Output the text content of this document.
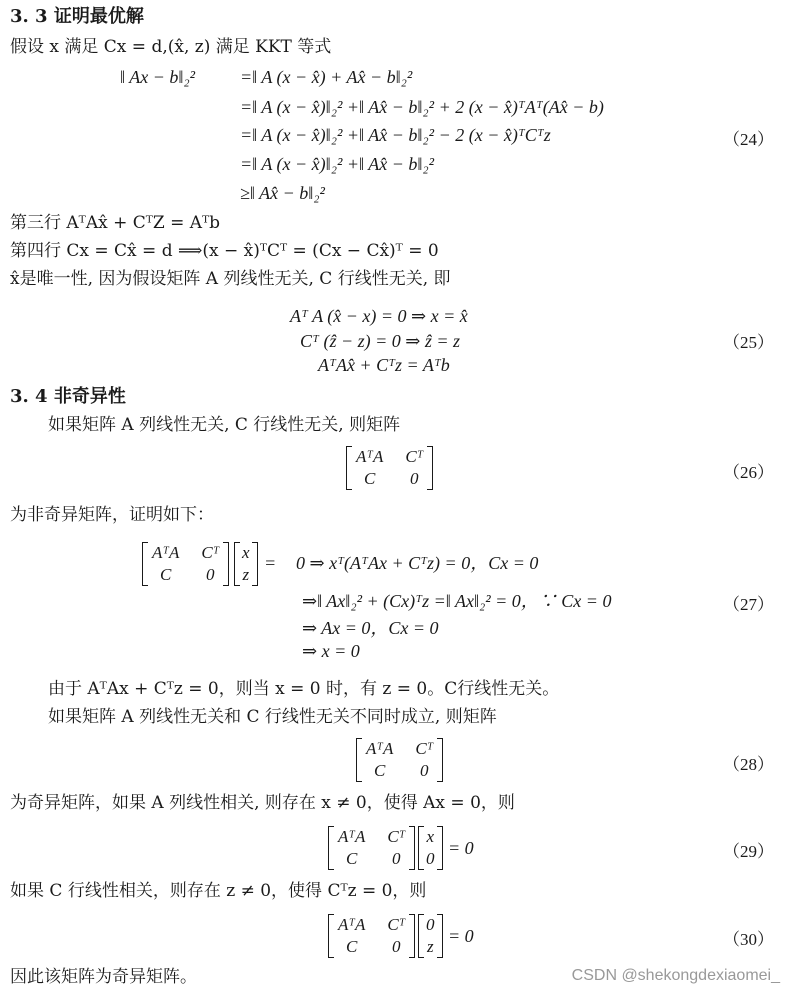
3. 3 证明最优解
假设 x 满足 Cx = d,(x̂, z) 满足 KKT 等式
‖ Ax − b‖₂² =‖ A (x − x̂) + Ax̂ − b‖₂²
=‖ A (x − x̂)‖₂² +‖ Ax̂ − b‖₂² + 2 (x − x̂)ᵀAᵀ(Ax̂ − b)
=‖ A (x − x̂)‖₂² +‖ Ax̂ − b‖₂² − 2 (x − x̂)ᵀCᵀz
=‖ A (x − x̂)‖₂² +‖ Ax̂ − b‖₂²
≥‖ Ax̂ − b‖₂²
（24）
第三行 AᵀAx̂ + CᵀZ = Aᵀb
第四行 Cx = Cx̂ = d ⟹(x − x̂)ᵀCᵀ = (Cx − Cx̂)ᵀ = 0
x̂是唯一性, 因为假设矩阵 A 列线性无关, C 行线性无关, 即
Aᵀ A (x̂ − x) = 0 ⇒ x = x̂
Cᵀ (ẑ − z) = 0 ⇒ ẑ = z
AᵀAx̂ + Cᵀz = Aᵀb
（25）
3. 4 非奇异性
如果矩阵 A 列线性无关, C 行线性无关, 则矩阵
AᵀA Cᵀ
C	0	（26）
为非奇异矩阵，证明如下：
AᵀA Cᵀ
C	0
x
z
= 0 ⇒ xᵀ(AᵀAx + Cᵀz) = 0，Cx = 0
⇒‖ Ax‖₂² + (Cx)ᵀz =‖ Ax‖₂² = 0，∵ Cx = 0
⇒ Ax = 0，Cx = 0
⇒ x = 0
（27）
由于 AᵀAx + Cᵀz = 0，则当 x = 0 时，有 z = 0。C行线性无关。
如果矩阵 A 列线性无关和 C 行线性无关不同时成立, 则矩阵
AᵀA Cᵀ
C	0	（28）
为奇异矩阵，如果 A 列线性相关, 则存在 x ≠ 0，使得 Ax = 0，则
AᵀA Cᵀ
C	0
x
0
= 0	（29）
如果 C 行线性相关，则存在 z ≠ 0，使得 Cᵀz = 0，则
AᵀA Cᵀ
C	0
0
z
= 0	（30）
因此该矩阵为奇异矩阵。	CSDN @shekongdexiaomei_
